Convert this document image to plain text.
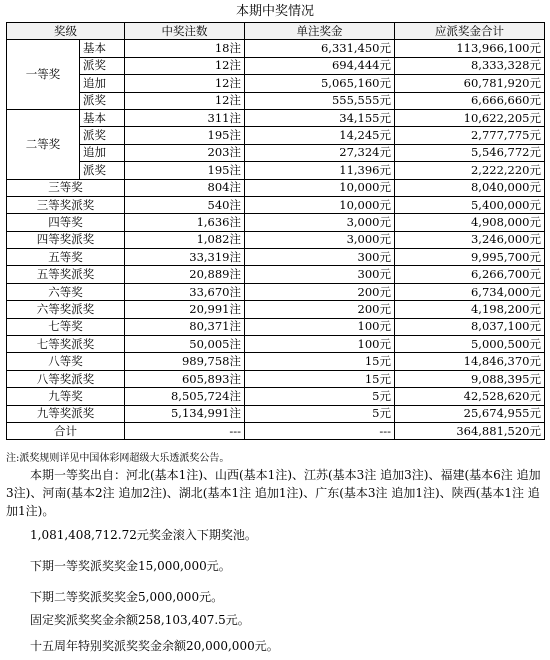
本期中奖情况
奖级		中奖注数	单注奖金	应派奖金合计
一等奖	基本	18注	6,331,450元	113,966,100元
	派奖	12注	694,444元	8,333,328元
	追加	12注	5,065,160元	60,781,920元
	派奖	12注	555,555元	6,666,660元
二等奖	基本	311注	34,155元	10,622,205元
	派奖	195注	14,245元	2,777,775元
	追加	203注	27,324元	5,546,772元
	派奖	195注	11,396元	2,222,220元
三等奖		804注	10,000元	8,040,000元
三等奖派奖		540注	10,000元	5,400,000元
四等奖		1,636注	3,000元	4,908,000元
四等奖派奖		1,082注	3,000元	3,246,000元
五等奖		33,319注	300元	9,995,700元
五等奖派奖		20,889注	300元	6,266,700元
六等奖		33,670注	200元	6,734,000元
六等奖派奖		20,991注	200元	4,198,200元
七等奖		80,371注	100元	8,037,100元
七等奖派奖		50,005注	100元	5,000,500元
八等奖		989,758注	15元	14,846,370元
八等奖派奖		605,893注	15元	9,088,395元
九等奖		8,505,724注	5元	42,528,620元
九等奖派奖		5,134,991注	5元	25,674,955元
合计		---	---	364,881,520元
注:派奖规则详见中国体彩网超级大乐透派奖公告。
本期一等奖出自：河北(基本1注)、山西(基本1注)、江苏(基本3注 追加3注)、福建(基本6注 追加3注)、河南(基本2注 追加2注)、湖北(基本1注 追加1注)、广东(基本3注 追加1注)、陕西(基本1注 追加1注)。
1,081,408,712.72元奖金滚入下期奖池。
下期一等奖派奖奖金15,000,000元。
下期二等奖派奖奖金5,000,000元。
固定奖派奖奖金余额258,103,407.5元。
十五周年特别奖派奖奖金余额20,000,000元。
